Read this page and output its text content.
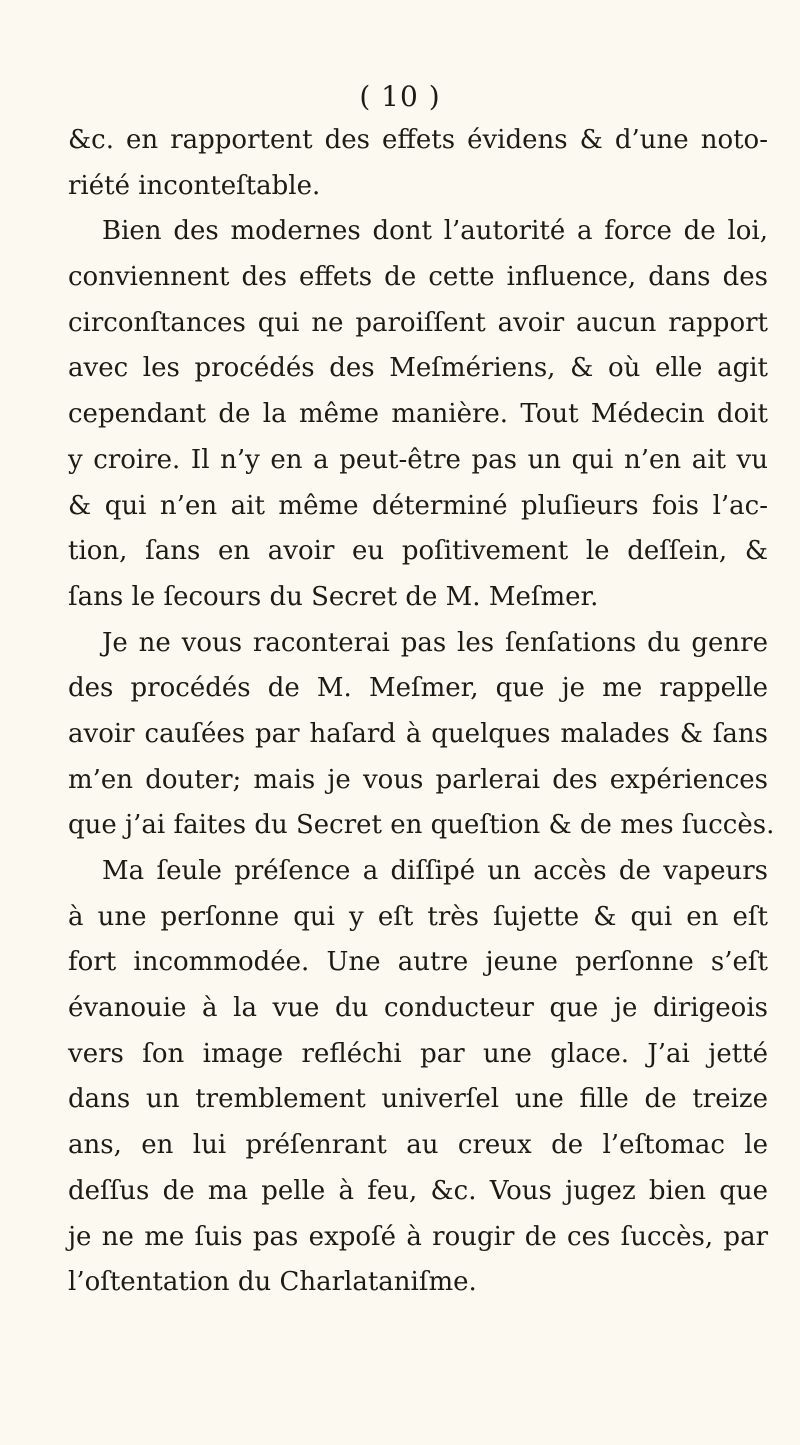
( 10 )
&c. en rapportent des effets évidens & d’une noto-
riété inconteſtable.
Bien des modernes dont l’autorité a force de loi,
conviennent des effets de cette influence, dans des
circonſtances qui ne paroiſſent avoir aucun rapport
avec les procédés des Meſmériens, & où elle agit
cependant de la même manière. Tout Médecin doit
y croire. Il n’y en a peut-être pas un qui n’en ait vu
& qui n’en ait même déterminé pluſieurs fois l’ac-
tion, ſans en avoir eu poſitivement le deſſein, &
ſans le ſecours du Secret de M. Meſmer.
Je ne vous raconterai pas les ſenſations du genre
des procédés de M. Meſmer, que je me rappelle
avoir cauſées par haſard à quelques malades & ſans
m’en douter; mais je vous parlerai des expériences
que j’ai faites du Secret en queſtion & de mes ſuccès.
Ma ſeule préſence a diſſipé un accès de vapeurs
à une perſonne qui y eſt très ſujette & qui en eſt
fort incommodée. Une autre jeune perſonne s’eſt
évanouie à la vue du conducteur que je dirigeois
vers ſon image refléchi par une glace. J’ai jetté
dans un tremblement univerſel une fille de treize
ans, en lui préſenrant au creux de l’eſtomac le
deſſus de ma pelle à feu, &c. Vous jugez bien que
je ne me ſuis pas expoſé à rougir de ces ſuccès, par
l’oſtentation du Charlataniſme.
